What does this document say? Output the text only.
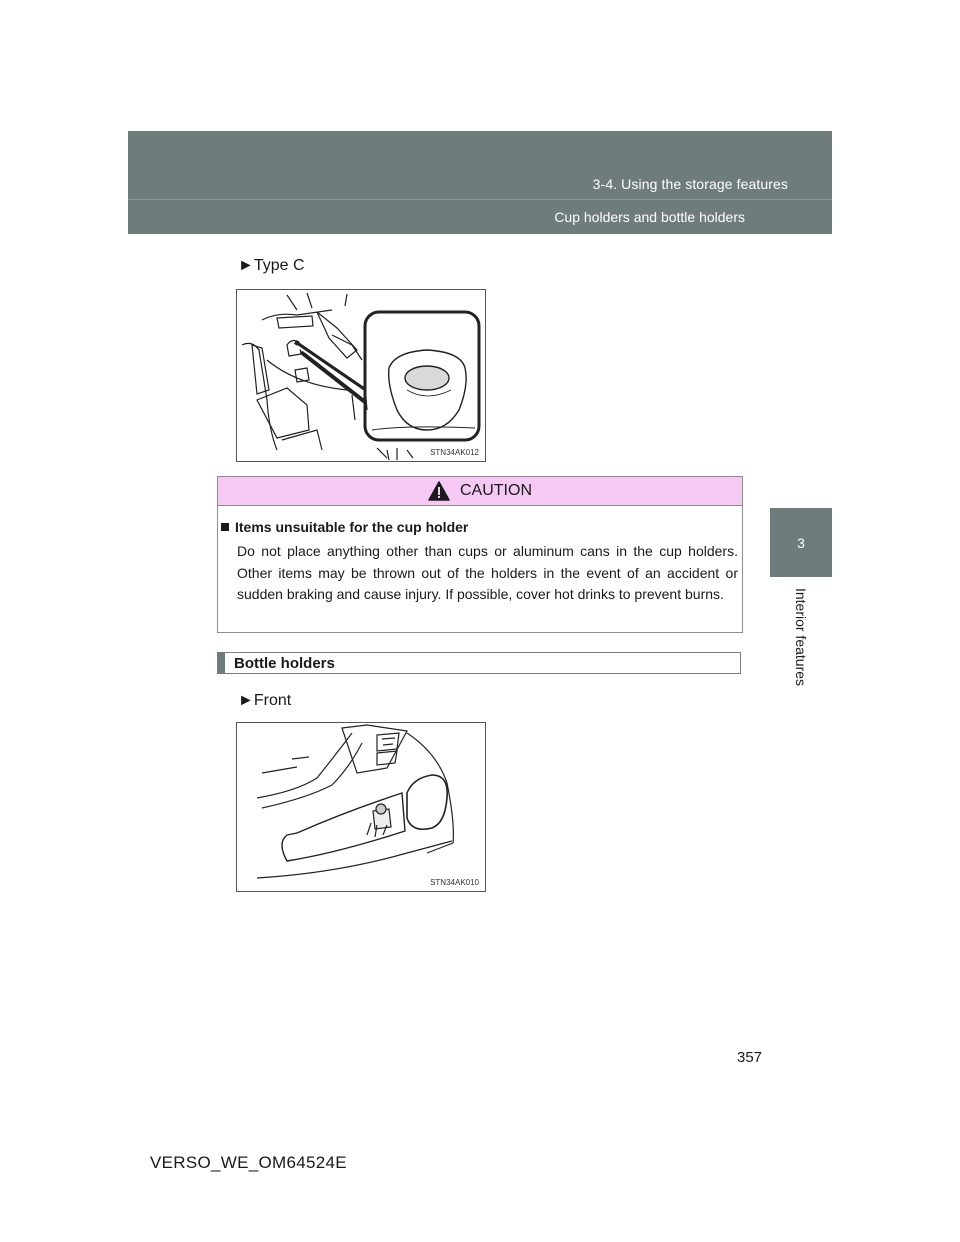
3-4. Using the storage features
Cup holders and bottle holders
3
Interior features
►Type C
STN34AK012
CAUTION
Items unsuitable for the cup holder
Do not place anything other than cups or aluminum cans in the cup holders. Other items may be thrown out of the holders in the event of an accident or sudden braking and cause injury. If possible, cover hot drinks to prevent burns.
Bottle holders
►Front
STN34AK010
357
VERSO_WE_OM64524E
